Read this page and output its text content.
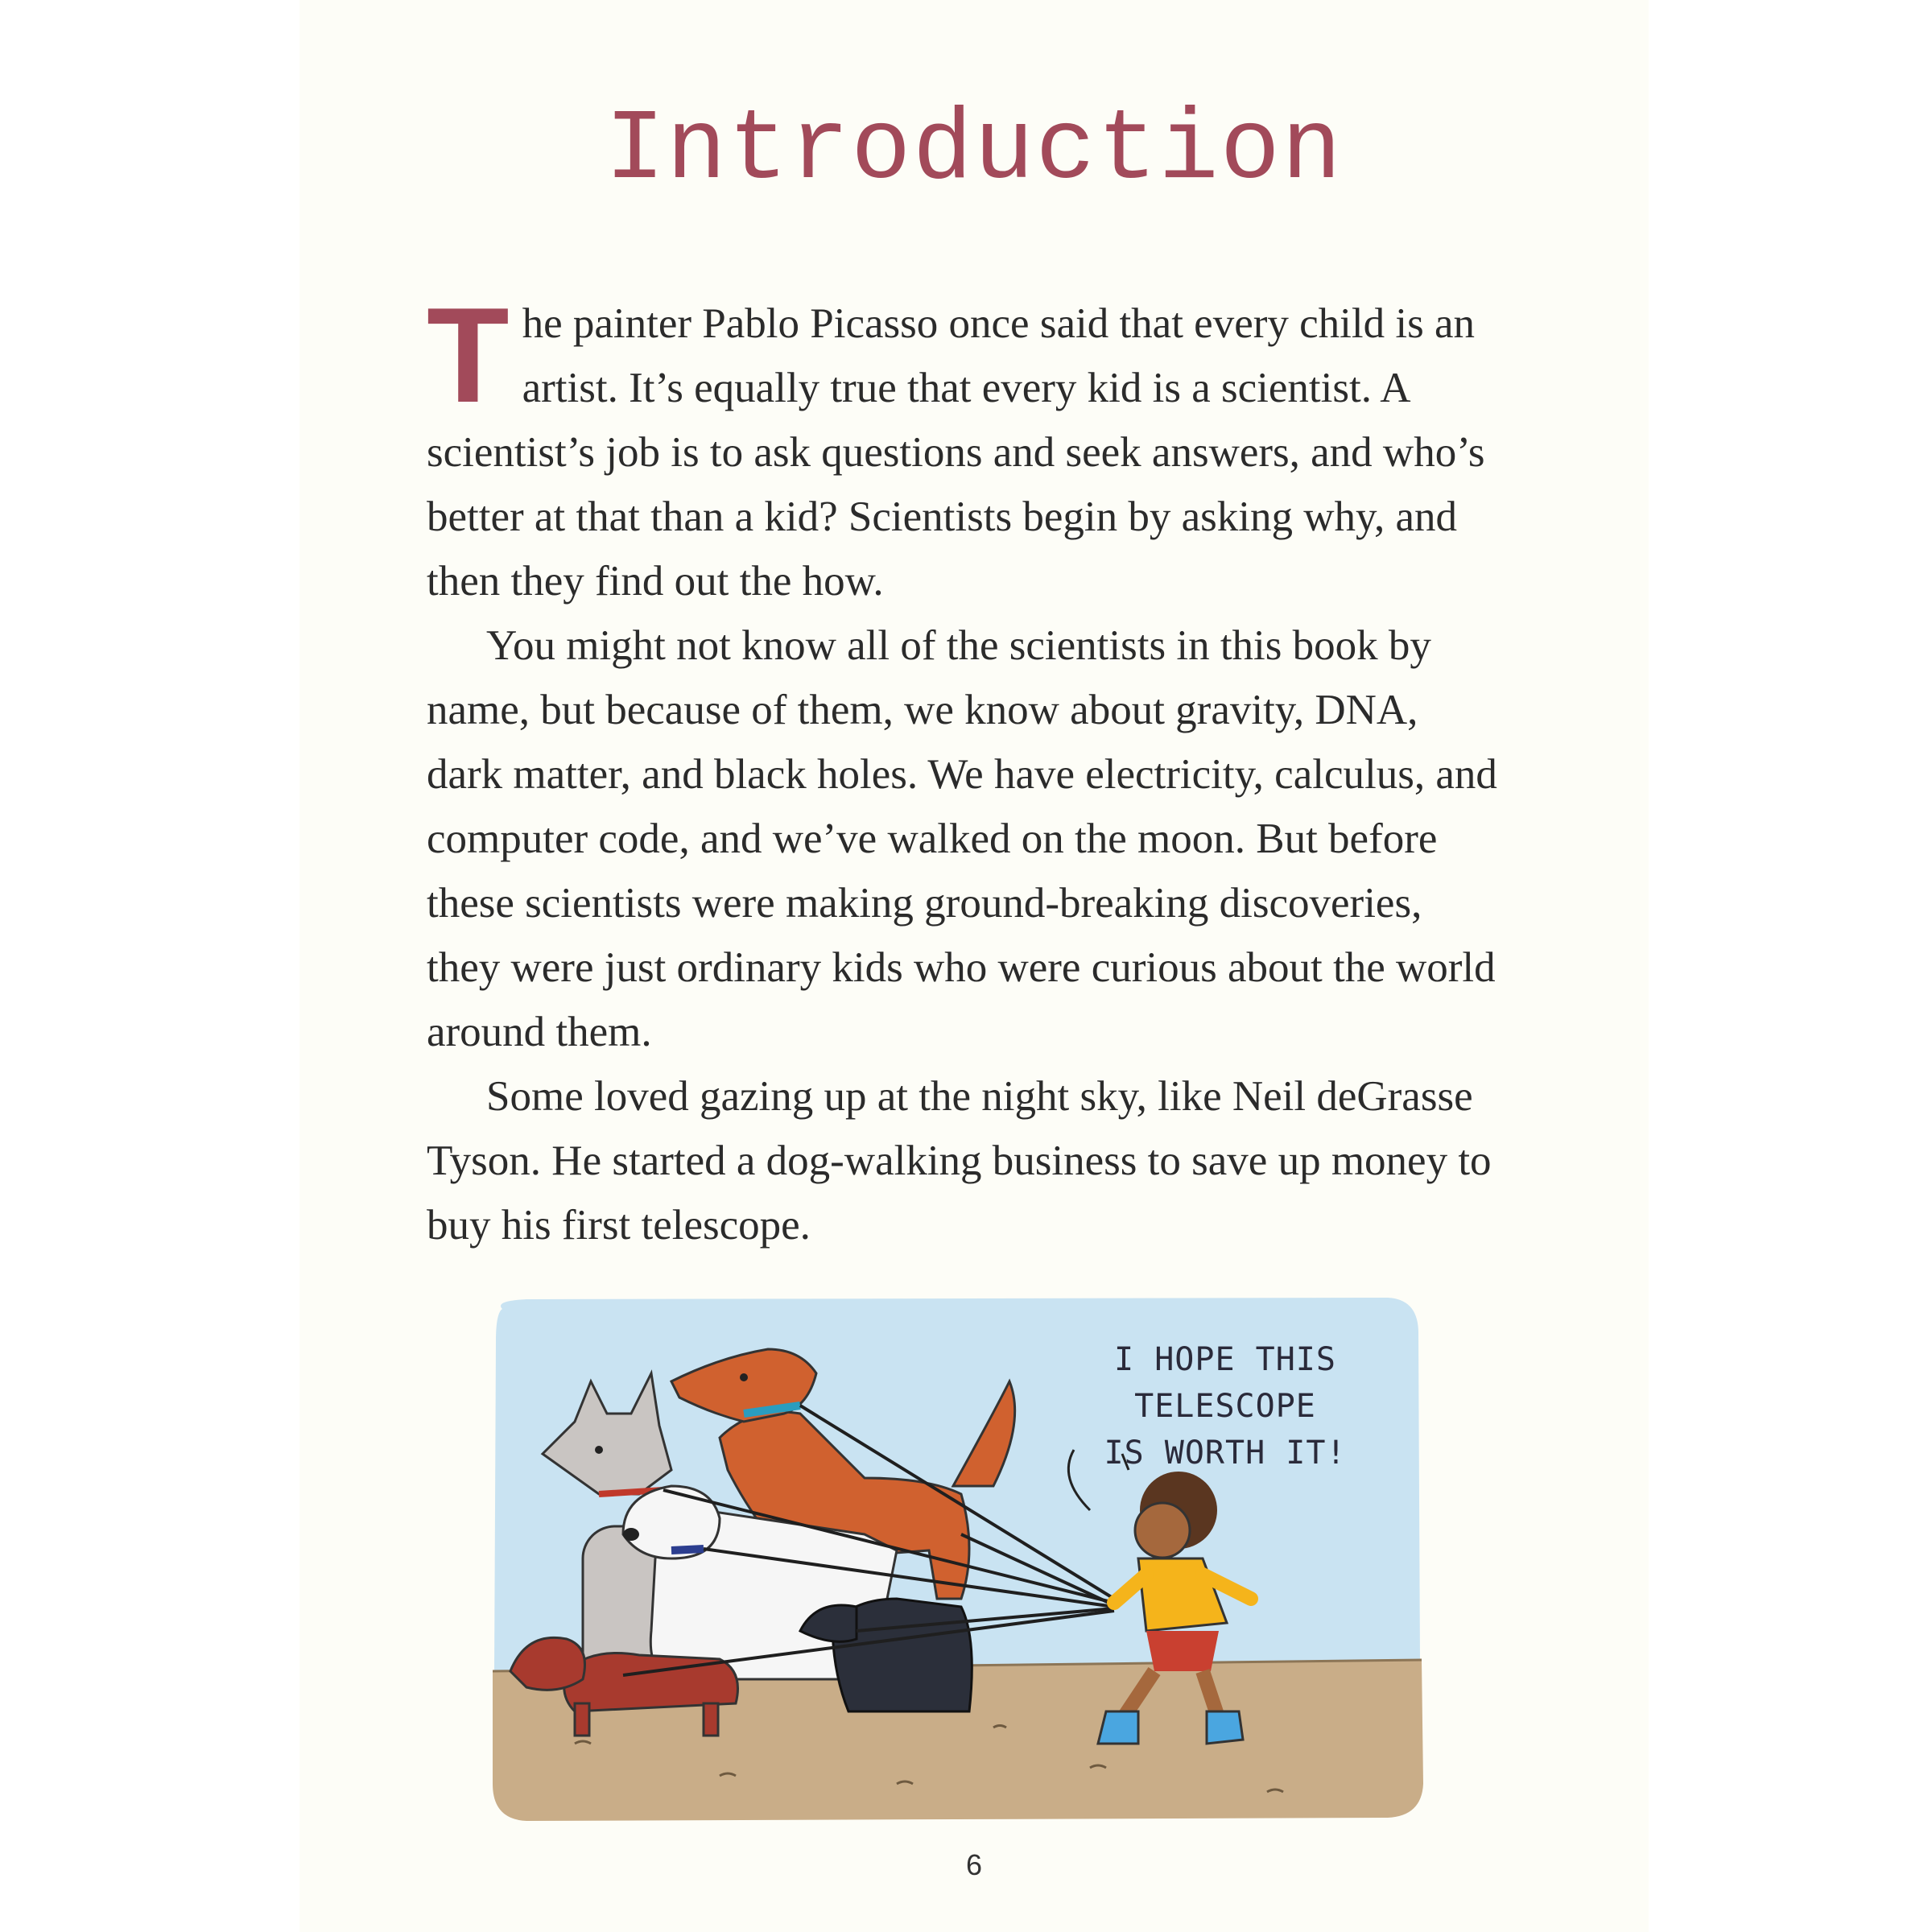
Introduction

The painter Pablo Picasso once said that every child is an artist. It’s equally true that every kid is a scientist. A scientist’s job is to ask questions and seek answers, and who’s better at that than a kid? Scientists begin by asking why, and then they find out the how.

You might not know all of the scientists in this book by name, but because of them, we know about gravity, DNA, dark matter, and black holes. We have electricity, calculus, and computer code, and we’ve walked on the moon. But before these scientists were making ground-breaking discoveries, they were just ordinary kids who were curious about the world around them.

Some loved gazing up at the night sky, like Neil deGrasse Tyson. He started a dog-walking business to save up money to buy his first telescope.

I HOPE THIS TELESCOPE
IS WORTH IT!
6
